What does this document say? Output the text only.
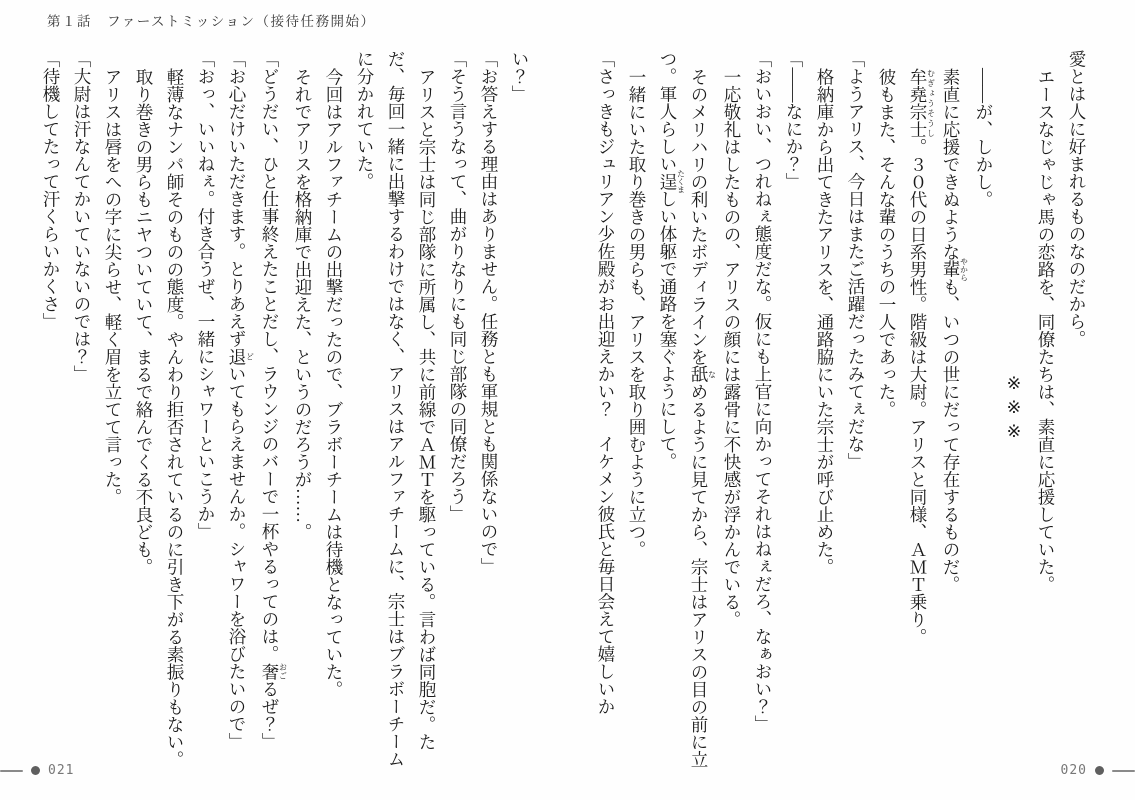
第１話　ファーストミッション（接待任務開始）

愛とは人に好まれるものなのだから。

エースなじゃじゃ馬の恋路を、同僚たちは、素直に応援していた。

※※※

――が、しかし。

素直に応援できぬような輩やからも、いつの世にだって存在するものだ。

牟堯宗士むぎょうそうし。３０代の日系男性。階級は大尉。アリスと同様、ＡＭＴ乗り。

彼もまた、そんな輩のうちの一人であった。

「ようアリス、今日はまたご活躍だったみてぇだな」

格納庫から出てきたアリスを、通路脇にいた宗士が呼び止めた。

「――なにか？」

「おいおい、つれねぇ態度だな。仮にも上官に向かってそれはねぇだろ、なぁおい？」

一応敬礼はしたものの、アリスの顔には露骨に不快感が浮かんでいる。

そのメリハリの利いたボディラインを舐なめるように見てから、宗士はアリスの目の前に立つ。軍人らしい逞たくましい体躯で通路を塞ぐようにして。

一緒にいた取り巻きの男らも、アリスを取り囲むように立つ。

「さっきもジュリアン少佐殿がお出迎えかい？　イケメン彼氏と毎日会えて嬉しいか

い？」

「お答えする理由はありません。任務とも軍規とも関係ないので」

「そう言うなって、曲がりなりにも同じ部隊の同僚だろう」

アリスと宗士は同じ部隊に所属し、共に前線でＡＭＴを駆っている。言わば同胞だ。ただ、毎回一緒に出撃するわけではなく、アリスはアルファチームに、宗士はブラボーチームに分かれていた。

今回はアルファチームの出撃だったので、ブラボーチームは待機となっていた。

それでアリスを格納庫で出迎えた、というのだろうが……。

「どうだい、ひと仕事終えたことだし、ラウンジのバーで一杯やるってのは。奢おごるぜ？」

「お心だけいただきます。とりあえず退どいてもらえませんか。シャワーを浴びたいので」

「おっ、いいねぇ。付き合うぜ、一緒にシャワーといこうか」

軽薄なナンパ師そのものの態度。やんわり拒否されているのに引き下がる素振りもない。

取り巻きの男らもニヤついていて、まるで絡んでくる不良ども。

アリスは唇をへの字に尖らせ、軽く眉を立てて言った。

「大尉は汗なんてかいていないのでは？」

「待機してたって汗くらいかくさ」

021	020
